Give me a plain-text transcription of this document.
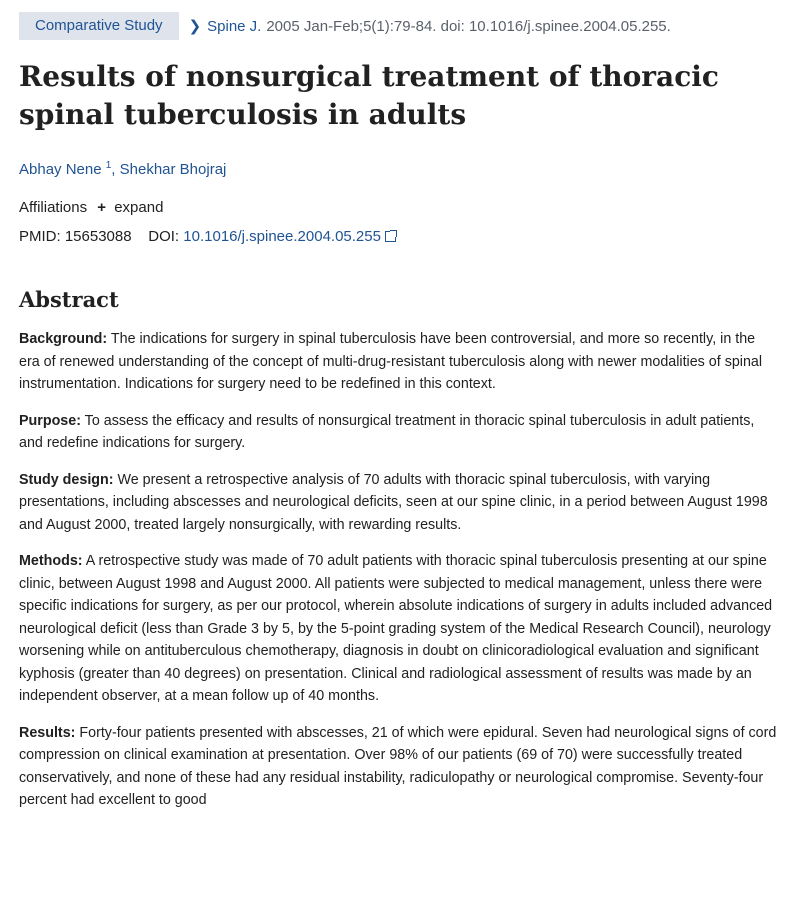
Comparative Study	❯ Spine J. 2005 Jan-Feb;5(1):79-84. doi: 10.1016/j.spinee.2004.05.255.
Results of nonsurgical treatment of thoracic spinal tuberculosis in adults
Abhay Nene $^1$, Shekhar Bhojraj
Affiliations + expand
PMID: 15653088 DOI: 10.1016/j.spinee.2004.05.255
Abstract

Background: The indications for surgery in spinal tuberculosis have been controversial, and more so recently, in the era of renewed understanding of the concept of multi-drug-resistant tuberculosis along with newer modalities of spinal instrumentation. Indications for surgery need to be redefined in this context.

Purpose: To assess the efficacy and results of nonsurgical treatment in thoracic spinal tuberculosis in adult patients, and redefine indications for surgery.

Study design: We present a retrospective analysis of 70 adults with thoracic spinal tuberculosis, with varying presentations, including abscesses and neurological deficits, seen at our spine clinic, in a period between August 1998 and August 2000, treated largely nonsurgically, with rewarding results.

Methods: A retrospective study was made of 70 adult patients with thoracic spinal tuberculosis presenting at our spine clinic, between August 1998 and August 2000. All patients were subjected to medical management, unless there were specific indications for surgery, as per our protocol, wherein absolute indications of surgery in adults included advanced neurological deficit (less than Grade 3 by 5, by the 5-point grading system of the Medical Research Council), neurology worsening while on antituberculous chemotherapy, diagnosis in doubt on clinicoradiological evaluation and significant kyphosis (greater than 40 degrees) on presentation. Clinical and radiological assessment of results was made by an independent observer, at a mean follow up of 40 months.

Results: Forty-four patients presented with abscesses, 21 of which were epidural. Seven had neurological signs of cord compression on clinical examination at presentation. Over 98% of our patients (69 of 70) were successfully treated conservatively, and none of these had any residual instability, radiculopathy or neurological compromise. Seventy-four percent had excellent to good
